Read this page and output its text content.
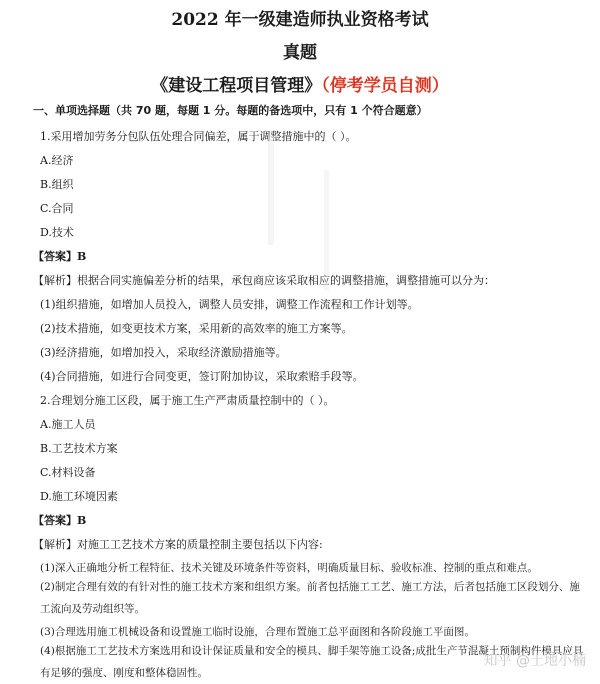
2022 年一级建造师执业资格考试
真题
《建设工程项目管理》（停考学员自测）
一、单项选择题（共 70 题，每题 1 分。每题的备选项中，只有 1 个符合题意）
1.采用增加劳务分包队伍处理合同偏差，属于调整措施中的（ ）。
A.经济
B.组织
C.合同
D.技术
【答案】B
【解析】根据合同实施偏差分析的结果，承包商应该采取相应的调整措施，调整措施可以分为：
(1)组织措施，如增加人员投入，调整人员安排，调整工作流程和工作计划等。
(2)技术措施，如变更技术方案，采用新的高效率的施工方案等。
(3)经济措施，如增加投入，采取经济激励措施等。
(4)合同措施，如进行合同变更，签订附加协议，采取索赔手段等。
2.合理划分施工区段，属于施工生产严肃质量控制中的（ ）。
A.施工人员
B.工艺技术方案
C.材料设备
D.施工环境因素
【答案】B
【解析】对施工工艺技术方案的质量控制主要包括以下内容:
(1)深入正确地分析工程特征、技术关键及环境条件等资料，明确质量目标、验收标准、控制的重点和难点。
(2)制定合理有效的有针对性的施工技术方案和组织方案。前者包括施工工艺、施工方法，后者包括施工区段划分、施工流向及劳动组织等。
(3)合理选用施工机械设备和设置施工临时设施，合理布置施工总平面图和各阶段施工平面图。
(4)根据施工工艺技术方案选用和设计保证质量和安全的模具、脚手架等施工设备;成批生产节混凝土预制构件模具应具有足够的强度、刚度和整体稳固性。
知乎 @土地小楠
